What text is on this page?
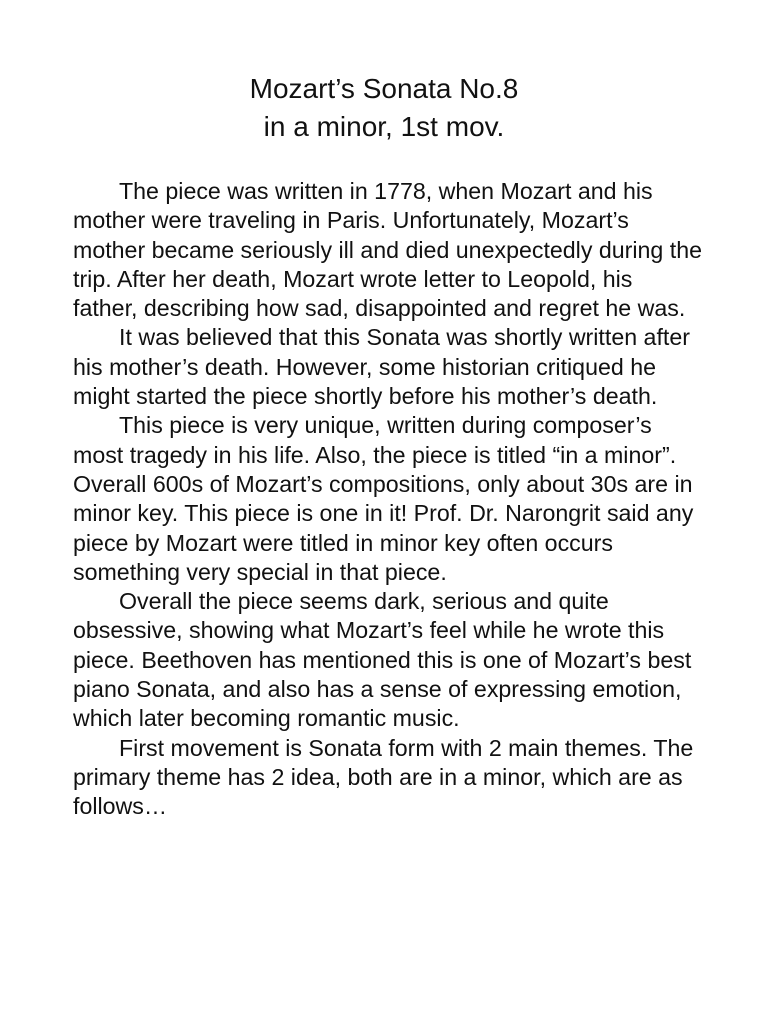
Mozart’s Sonata No.8
in a minor, 1st mov.

The piece was written in 1778, when Mozart and his mother were traveling in Paris. Unfortunately, Mozart’s mother became seriously ill and died unexpectedly during the trip. After her death, Mozart wrote letter to Leopold, his father, describing how sad, disappointed and regret he was.

It was believed that this Sonata was shortly written after his mother’s death. However, some historian critiqued he might started the piece shortly before his mother’s death.

This piece is very unique, written during composer’s most tragedy in his life. Also, the piece is titled “in a minor”. Overall 600s of Mozart’s compositions, only about 30s are in minor key. This piece is one in it! Prof. Dr. Narongrit said any piece by Mozart were titled in minor key often occurs something very special in that piece.

Overall the piece seems dark, serious and quite obsessive, showing what Mozart’s feel while he wrote this piece. Beethoven has mentioned this is one of Mozart’s best piano Sonata, and also has a sense of expressing emotion, which later becoming romantic music.

First movement is Sonata form with 2 main themes. The primary theme has 2 idea, both are in a minor, which are as follows…
